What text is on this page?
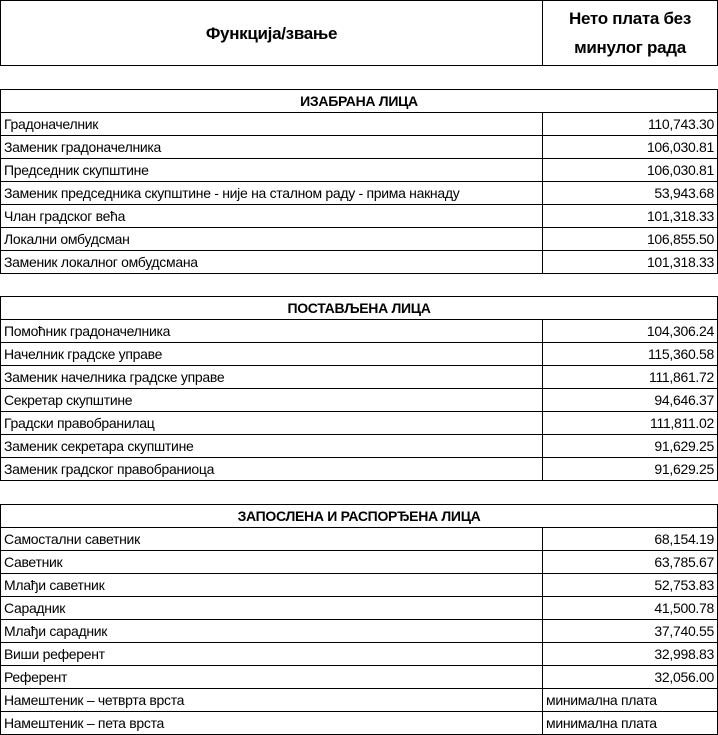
Функција/звање	Нето плата без минулог рада
ИЗАБРАНА ЛИЦА	
Градоначелник	110,743.30
Заменик градоначелника	106,030.81
Председник скупштине	106,030.81
Заменик председника скупштине - није на сталном раду - прима накнаду	53,943.68
Члан градског већа	101,318.33
Локални омбудсман	106,855.50
Заменик локалног омбудсмана	101,318.33
ПОСТАВЉЕНА ЛИЦА	
Помоћник градоначелника	104,306.24
Начелник градске управе	115,360.58
Заменик начелника градске управе	111,861.72
Секретар скупштине	94,646.37
Градски правобранилац	111,811.02
Заменик секретара скупштине	91,629.25
Заменик градског правобраниоца	91,629.25
ЗАПОСЛЕНА И РАСПОРЂЕНА ЛИЦА	
Самостални саветник	68,154.19
Саветник	63,785.67
Млађи саветник	52,753.83
Сарадник	41,500.78
Млађи сарадник	37,740.55
Виши референт	32,998.83
Референт	32,056.00
Намештеник – четврта врста	минимална плата
Намештеник – пета врста	минимална плата
